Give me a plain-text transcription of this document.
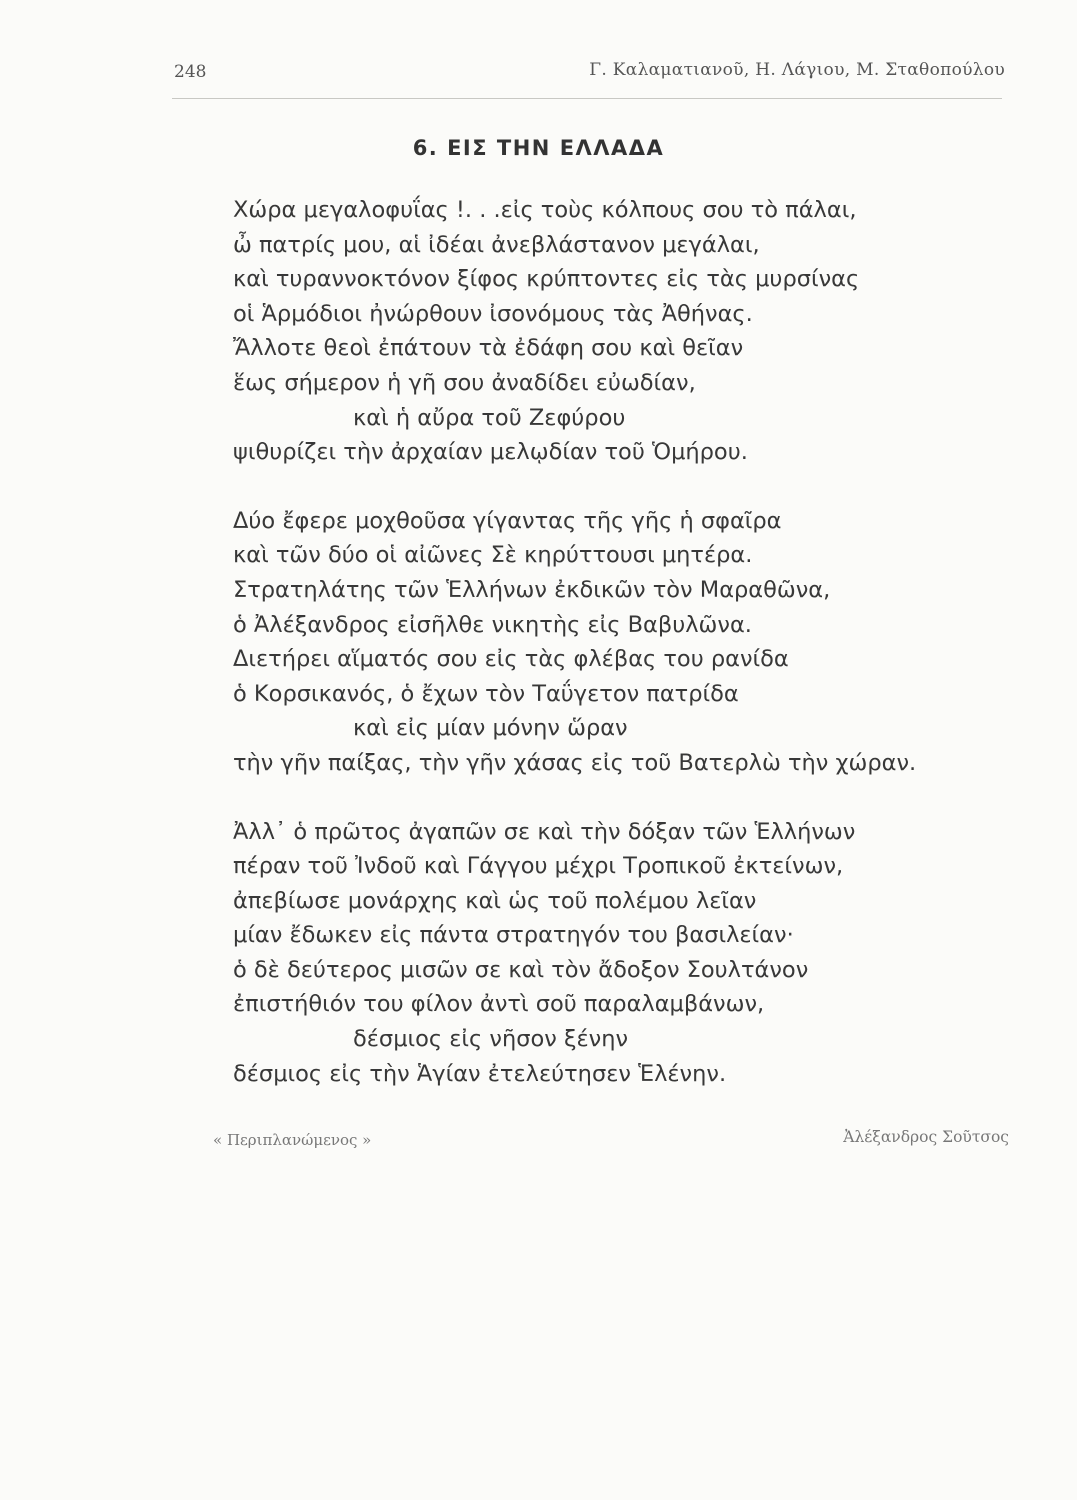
248	Γ. Καλαματιανοῦ, Η. Λάγιου, Μ. Σταθοπούλου
6. ΕΙΣ ΤΗΝ ΕΛΛΑΔΑ
Χώρα μεγαλοφυΐας !. . .εἰς τοὺς κόλπους σου τὸ πάλαι,
ὦ πατρίς μου, αἱ ἰδέαι ἀνεβλάστανον μεγάλαι,
καὶ τυραννοκτόνον ξίφος κρύπτοντες εἰς τὰς μυρσίνας
οἱ Ἁρμόδιοι ἠνώρθουν ἰσονόμους τὰς Ἀθήνας.
Ἄλλοτε θεοὶ ἐπάτουν τὰ ἐδάφη σου καὶ θεῖαν
ἕως σήμερον ἡ γῆ σου ἀναδίδει εὐωδίαν,
καὶ ἡ αὔρα τοῦ Ζεφύρου
ψιθυρίζει τὴν ἀρχαίαν μελῳδίαν τοῦ Ὁμήρου.
Δύο ἔφερε μοχθοῦσα γίγαντας τῆς γῆς ἡ σφαῖρα
καὶ τῶν δύο οἱ αἰῶνες Σὲ κηρύττουσι μητέρα.
Στρατηλάτης τῶν Ἑλλήνων ἐκδικῶν τὸν Μαραθῶνα,
ὁ Ἀλέξανδρος εἰσῆλθε νικητὴς εἰς Βαβυλῶνα.
Διετήρει αἵματός σου εἰς τὰς φλέβας του ρανίδα
ὁ Κορσικανός, ὁ ἔχων τὸν Ταΰγετον πατρίδα
καὶ εἰς μίαν μόνην ὥραν
τὴν γῆν παίξας, τὴν γῆν χάσας εἰς τοῦ Βατερλὼ τὴν χώραν.
Ἀλλ᾽ ὁ πρῶτος ἀγαπῶν σε καὶ τὴν δόξαν τῶν Ἑλλήνων
πέραν τοῦ Ἰνδοῦ καὶ Γάγγου μέχρι Τροπικοῦ ἐκτείνων,
ἀπεβίωσε μονάρχης καὶ ὡς τοῦ πολέμου λεῖαν
μίαν ἔδωκεν εἰς πάντα στρατηγόν του βασιλείαν·
ὁ δὲ δεύτερος μισῶν σε καὶ τὸν ἄδοξον Σουλτάνον
ἐπιστήθιόν του φίλον ἀντὶ σοῦ παραλαμβάνων,
δέσμιος εἰς νῆσον ξένην
δέσμιος εἰς τὴν Ἁγίαν ἐτελεύτησεν Ἑλένην.
« Περιπλανώμενος »	Ἀλέξανδρος Σοῦτσος
